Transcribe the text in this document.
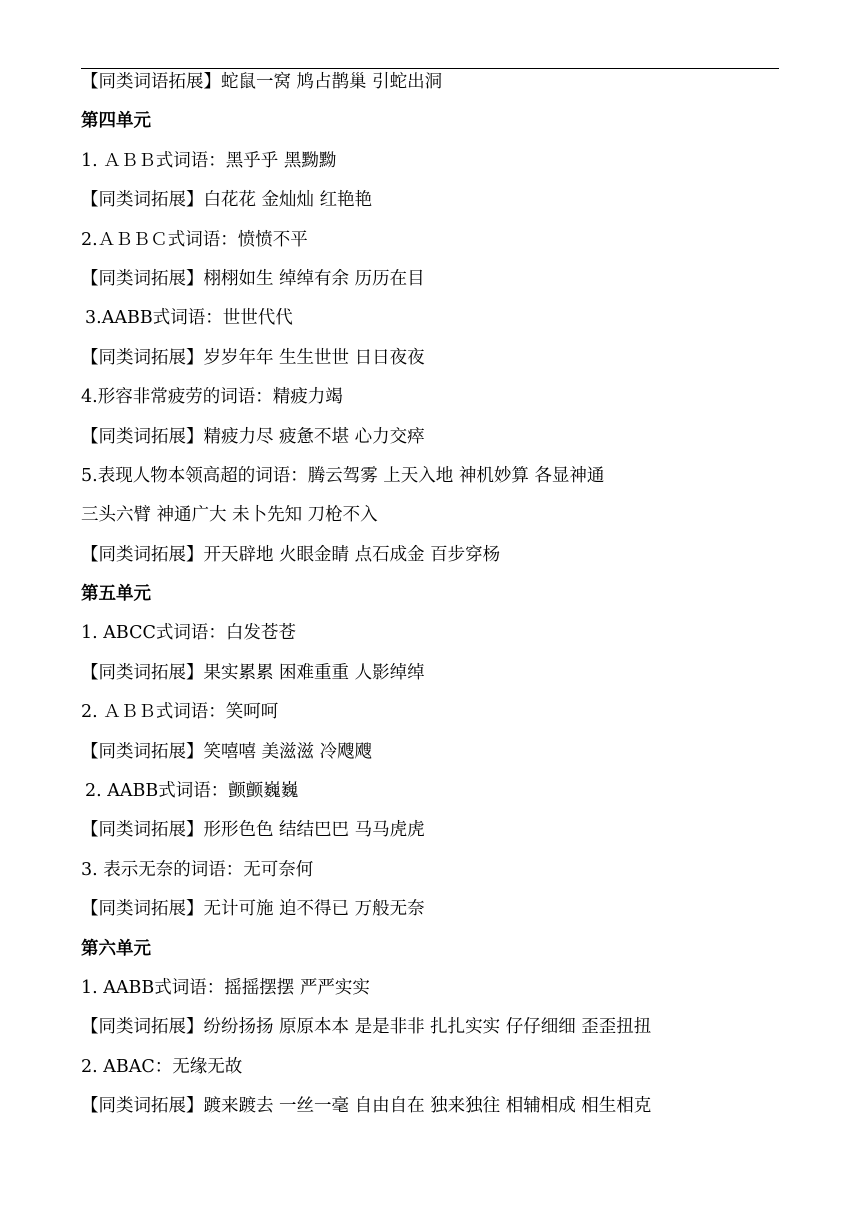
【同类词语拓展】蛇鼠一窝 鸠占鹊巢 引蛇出洞
第四单元
1. ＡＢＢ式词语：黑乎乎 黑黝黝
【同类词拓展】白花花 金灿灿 红艳艳
2.ＡＢＢＣ式词语：愤愤不平
【同类词拓展】栩栩如生 绰绰有余 历历在目
3.AABB式词语：世世代代
【同类词拓展】岁岁年年 生生世世 日日夜夜
4.形容非常疲劳的词语：精疲力竭
【同类词拓展】精疲力尽 疲惫不堪 心力交瘁
5.表现人物本领高超的词语：腾云驾雾 上天入地 神机妙算 各显神通
三头六臂 神通广大 未卜先知 刀枪不入
【同类词拓展】开天辟地 火眼金睛 点石成金 百步穿杨
第五单元
1. ABCC式词语：白发苍苍
【同类词拓展】果实累累 困难重重 人影绰绰
2. ＡＢＢ式词语：笑呵呵
【同类词拓展】笑嘻嘻 美滋滋 冷飕飕
2. AABB式词语：颤颤巍巍
【同类词拓展】形形色色 结结巴巴 马马虎虎
3. 表示无奈的词语：无可奈何
【同类词拓展】无计可施 迫不得已 万般无奈
第六单元
1. AABB式词语：摇摇摆摆 严严实实
【同类词拓展】纷纷扬扬 原原本本 是是非非 扎扎实实 仔仔细细 歪歪扭扭
2. ABAC：无缘无故
【同类词拓展】踱来踱去 一丝一毫 自由自在 独来独往 相辅相成 相生相克
